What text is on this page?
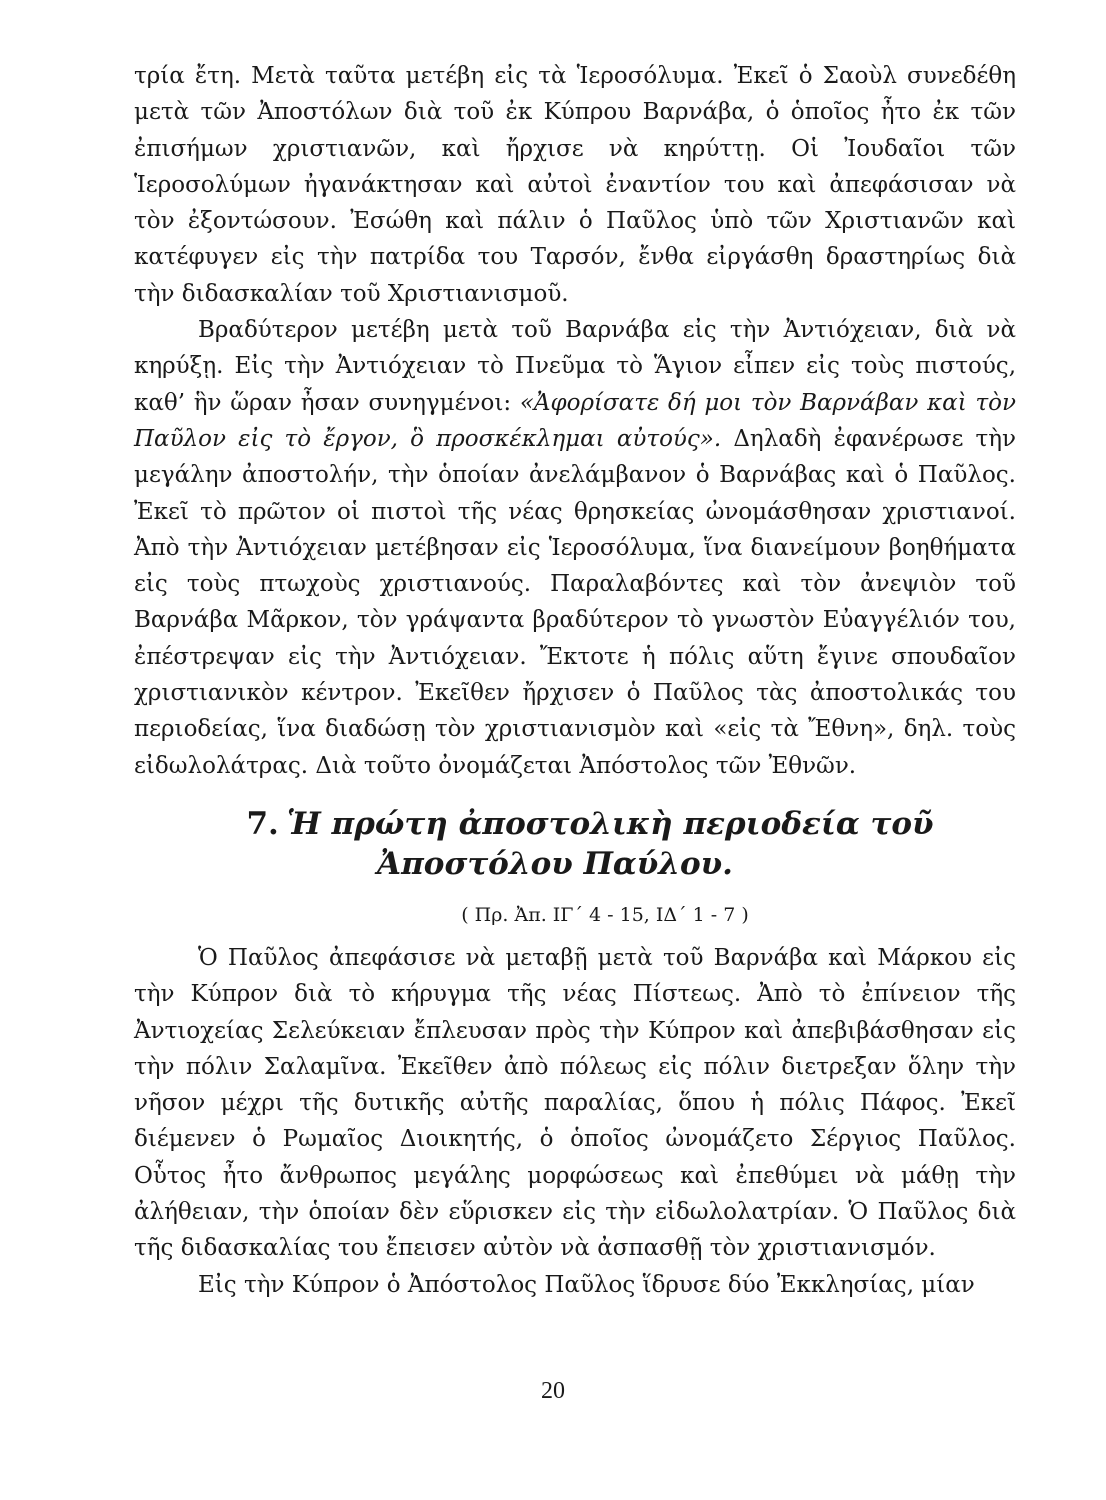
τρία ἔτη. Μετὰ ταῦτα μετέβη εἰς τὰ Ἱεροσόλυμα. Ἐκεῖ ὁ Σαοὺλ συνεδέθη μετὰ τῶν Ἀποστόλων διὰ τοῦ ἐκ Κύπρου Βαρνάβα, ὁ ὁποῖος ἦτο ἐκ τῶν ἐπισήμων χριστιανῶν, καὶ ἤρχισε νὰ κηρύττῃ. Οἱ Ἰουδαῖοι τῶν Ἱεροσολύμων ἠγανάκτησαν καὶ αὐτοὶ ἐναντίον του καὶ ἀπεφάσισαν νὰ τὸν ἐξοντώσουν. Ἐσώθη καὶ πάλιν ὁ Παῦλος ὑπὸ τῶν Χριστιανῶν καὶ κατέφυγεν εἰς τὴν πατρίδα του Ταρσόν, ἔνθα εἰργάσθη δραστηρίως διὰ τὴν διδασκαλίαν τοῦ Χριστιανισμοῦ.

Βραδύτερον μετέβη μετὰ τοῦ Βαρνάβα εἰς τὴν Ἀντιόχειαν, διὰ νὰ κηρύξῃ. Εἰς τὴν Ἀντιόχειαν τὸ Πνεῦμα τὸ Ἅγιον εἶπεν εἰς τοὺς πιστούς, καθ’ ἣν ὥραν ἦσαν συνηγμένοι: «Ἀφορίσατε δή μοι τὸν Βαρνάβαν καὶ τὸν Παῦλον εἰς τὸ ἔργον, ὃ προσκέκλημαι αὐτούς». Δηλαδὴ ἐφανέρωσε τὴν μεγάλην ἀποστολήν, τὴν ὁποίαν ἀνελάμβανον ὁ Βαρνάβας καὶ ὁ Παῦλος. Ἐκεῖ τὸ πρῶτον οἱ πιστοὶ τῆς νέας θρησκείας ὠνομάσθησαν χριστιανοί. Ἀπὸ τὴν Ἀντιόχειαν μετέβησαν εἰς Ἱεροσόλυμα, ἵνα διανείμουν βοηθήματα εἰς τοὺς πτωχοὺς χριστιανούς. Παραλαβόντες καὶ τὸν ἀνεψιὸν τοῦ Βαρνάβα Μᾶρκον, τὸν γράψαντα βραδύτερον τὸ γνωστὸν Εὐαγγέλιόν του, ἐπέστρεψαν εἰς τὴν Ἀντιόχειαν. Ἔκτοτε ἡ πόλις αὕτη ἔγινε σπουδαῖον χριστιανικὸν κέντρον. Ἐκεῖθεν ἤρχισεν ὁ Παῦλος τὰς ἀποστολικάς του περιοδείας, ἵνα διαδώσῃ τὸν χριστιανισμὸν καὶ «εἰς τὰ Ἔθνη», δηλ. τοὺς εἰδωλολάτρας. Διὰ τοῦτο ὀνομάζεται Ἀπόστολος τῶν Ἐθνῶν.

7. Ἡ πρώτη ἀποστολικὴ περιοδεία τοῦ
Ἀποστόλου Παύλου.

( Πρ. Ἀπ. ΙΓ΄ 4 - 15, ΙΔ΄ 1 - 7 )

Ὁ Παῦλος ἀπεφάσισε νὰ μεταβῇ μετὰ τοῦ Βαρνάβα καὶ Μάρκου εἰς τὴν Κύπρον διὰ τὸ κήρυγμα τῆς νέας Πίστεως. Ἀπὸ τὸ ἐπίνειον τῆς Ἀντιοχείας Σελεύκειαν ἔπλευσαν πρὸς τὴν Κύπρον καὶ ἀπεβιβάσθησαν εἰς τὴν πόλιν Σαλαμῖνα. Ἐκεῖθεν ἀπὸ πόλεως εἰς πόλιν διετρεξαν ὅλην τὴν νῆσον μέχρι τῆς δυτικῆς αὐτῆς παραλίας, ὅπου ἡ πόλις Πάφος. Ἐκεῖ διέμενεν ὁ Ρωμαῖος Διοικητής, ὁ ὁποῖος ὠνομάζετο Σέργιος Παῦλος. Οὗτος ἦτο ἄνθρωπος μεγάλης μορφώσεως καὶ ἐπεθύμει νὰ μάθῃ τὴν ἀλήθειαν, τὴν ὁποίαν δὲν εὕρισκεν εἰς τὴν εἰδωλολατρίαν. Ὁ Παῦλος διὰ τῆς διδασκαλίας του ἔπεισεν αὐτὸν νὰ ἀσπασθῇ τὸν χριστιανισμόν.

Εἰς τὴν Κύπρον ὁ Ἀπόστολος Παῦλος ἵδρυσε δύο Ἐκκλησίας, μίαν

20
